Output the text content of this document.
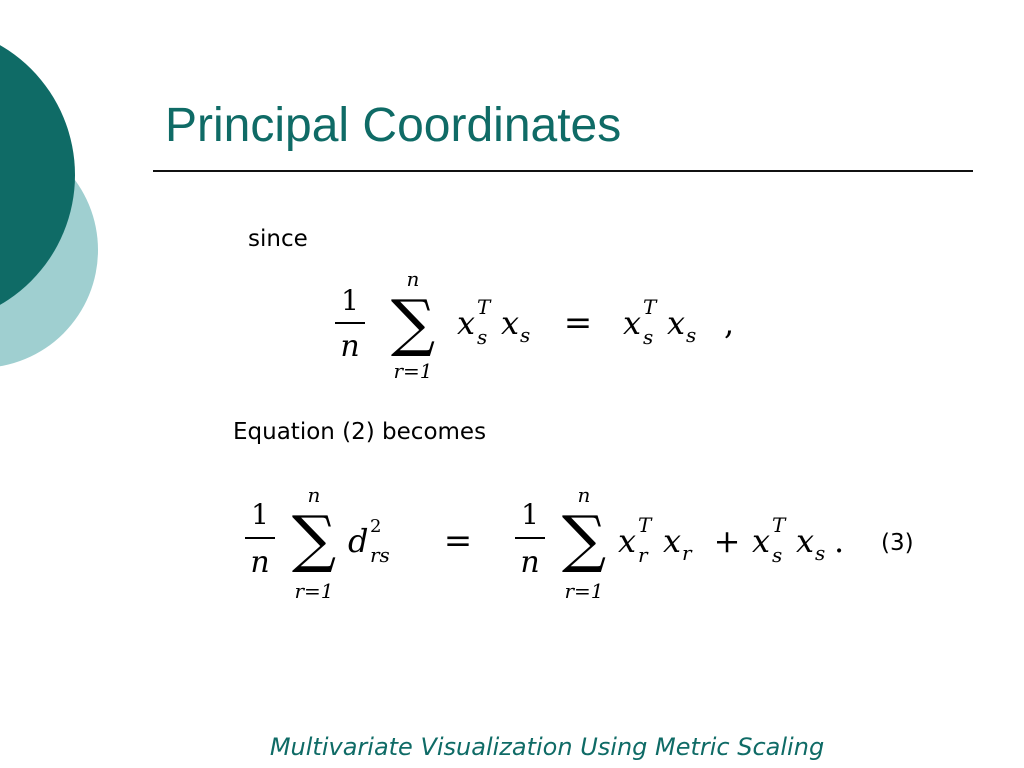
Principal Coordinates
since
1
n
n
∑
r=1
x T
s x s = x T
s x s ,
Equation (2) becomes
1
n
n
∑
r=1
d 2
rs =
1
n
n
∑
r=1
x T
r x r + x T
s x s . (3)
Multivariate Visualization Using Metric Scaling
